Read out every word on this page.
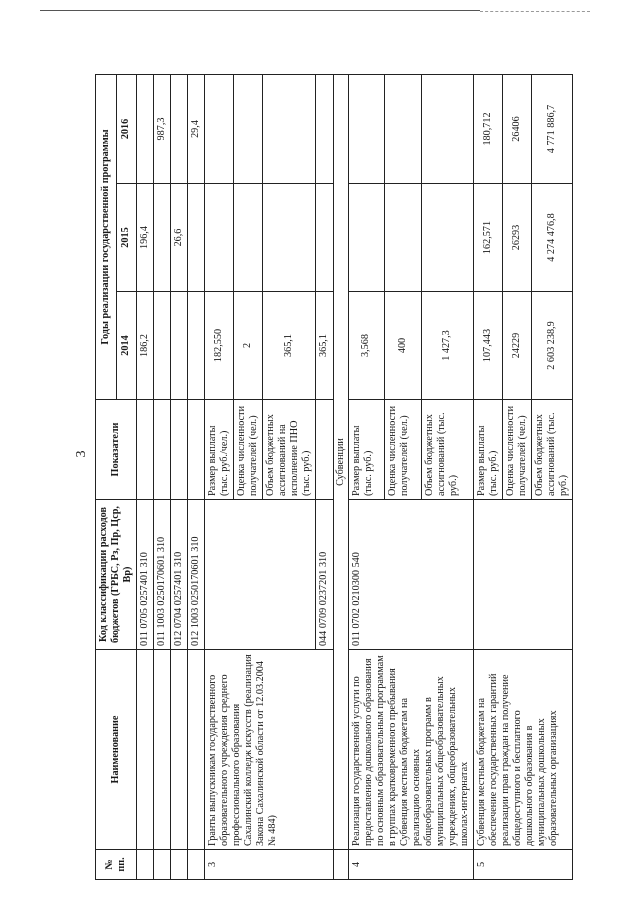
3
№ пп.	Наименование	Код классификации расходов бюджетов (ГРБС, Рз, Пр, Цср, Вр)	Показатели	Годы реализации государственной программы		
				2014	2015	2016
		011 0705 0257401 310		186,2	196,4	
		011 1003 0250170601 310				987,3
		012 0704 0257401 310			26,6	
		012 1003 0250170601 310				29,4
3	Гранты выпускникам государственного образовательного учреждения среднего профессионального образования Сахалинский колледж искусств (реализация Закона Сахалинской области от 12.03.2004 № 484)		Размер выплаты (тыс. руб./чел.)	182,550		
			Оценка численности получателей (чел.)	2		
			Объем бюджетных ассигнований на исполнение ПНО (тыс. руб.)	365,1		
		044 0709 0237201 310		365,1		
	Субвенции					
4	Реализация государственной услуги по предоставлению дошкольного образования по основным образовательным программам в группах кратковременного пребывания Субвенция местным бюджетам на реализацию основных общеобразовательных программ в муниципальных общеобразовательных учреждениях, общеобразовательных школах-интернатах	011 0702 0210300 540	Размер выплаты (тыс. руб.)	3,568		
			Оценка численности получателей (чел.)	400		
			Объем бюджетных ассигнований (тыс. руб.)	1 427,3		
5	Субвенция местным бюджетам на обеспечение государственных гарантий реализации прав граждан на получение общедоступного и бесплатного дошкольного образования в муниципальных дошкольных образовательных организациях		Размер выплаты (тыс. руб.)	107,443	162,571	180,712
			Оценка численности получателей (чел.)	24229	26293	26406
			Объем бюджетных ассигнований (тыс. руб.)	2 603 238,9	4 274 476,8	4 771 886,7
